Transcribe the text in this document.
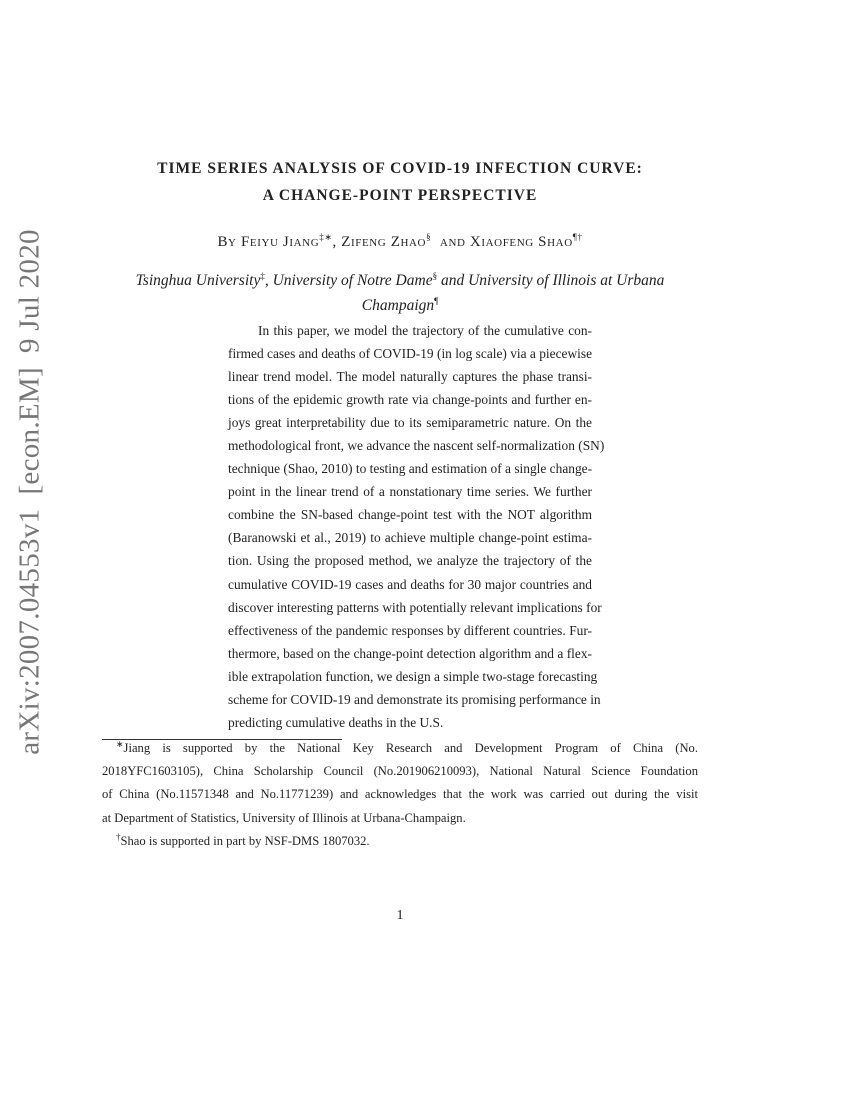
arXiv:2007.04553v1[econ.EM]9 Jul 2020
TIME SERIES ANALYSIS OF COVID-19 INFECTION CURVE:
A CHANGE-POINT PERSPECTIVE
By Feiyu Jiang‡∗, Zifeng Zhao§ and Xiaofeng Shao¶†
Tsinghua University‡, University of Notre Dame§ and University of Illinois at Urbana
Champaign¶
In this paper, we model the trajectory of the cumulative con-
firmed cases and deaths of COVID-19 (in log scale) via a piecewise
linear trend model. The model naturally captures the phase transi-
tions of the epidemic growth rate via change-points and further en-
joys great interpretability due to its semiparametric nature. On the
methodological front, we advance the nascent self-normalization (SN)
technique (Shao, 2010) to testing and estimation of a single change-
point in the linear trend of a nonstationary time series. We further
combine the SN-based change-point test with the NOT algorithm
(Baranowski et al., 2019) to achieve multiple change-point estima-
tion. Using the proposed method, we analyze the trajectory of the
cumulative COVID-19 cases and deaths for 30 major countries and
discover interesting patterns with potentially relevant implications for
effectiveness of the pandemic responses by different countries. Fur-
thermore, based on the change-point detection algorithm and a flex-
ible extrapolation function, we design a simple two-stage forecasting
scheme for COVID-19 and demonstrate its promising performance in
predicting cumulative deaths in the U.S.
∗Jiang is supported by the National Key Research and Development Program of China (No.
2018YFC1603105), China Scholarship Council (No.201906210093), National Natural Science Foundation
of China (No.11571348 and No.11771239) and acknowledges that the work was carried out during the visit
at Department of Statistics, University of Illinois at Urbana-Champaign.
†Shao is supported in part by NSF-DMS 1807032.
1
